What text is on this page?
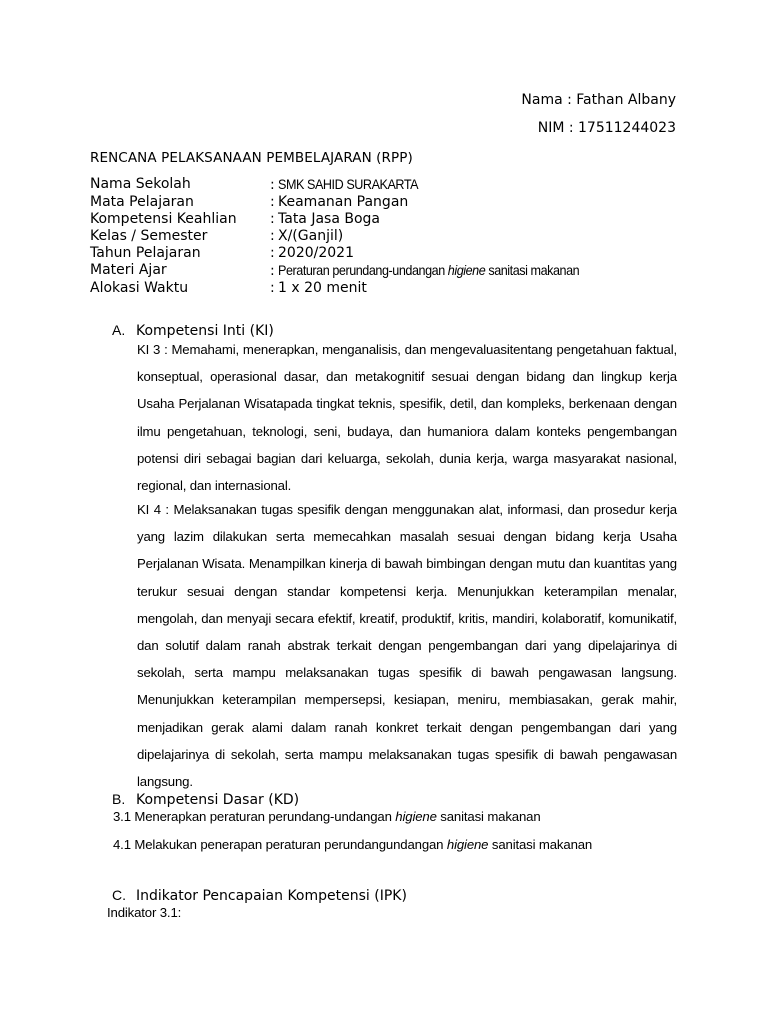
Nama : Fathan Albany
NIM : 17511244023
RENCANA PELAKSANAAN PEMBELAJARAN (RPP)
Nama Sekolah	: SMK SAHID SURAKARTA
Mata Pelajaran	: Keamanan Pangan
Kompetensi Keahlian	: Tata Jasa Boga
Kelas / Semester	: X/(Ganjil)
Tahun Pelajaran	: 2020/2021
Materi Ajar	: Peraturan perundang-undangan higiene sanitasi makanan
Alokasi Waktu	: 1 x 20 menit
A. Kompetensi Inti (KI)
KI 3 : Memahami, menerapkan, menganalisis, dan mengevaluasitentang pengetahuan faktual, konseptual, operasional dasar, dan metakognitif sesuai dengan bidang dan lingkup kerja Usaha Perjalanan Wisatapada tingkat teknis, spesifik, detil, dan kompleks, berkenaan dengan ilmu pengetahuan, teknologi, seni, budaya, dan humaniora dalam konteks pengembangan potensi diri sebagai bagian dari keluarga, sekolah, dunia kerja, warga masyarakat nasional, regional, dan internasional.
KI 4 : Melaksanakan tugas spesifik dengan menggunakan alat, informasi, dan prosedur kerja yang lazim dilakukan serta memecahkan masalah sesuai dengan bidang kerja Usaha Perjalanan Wisata. Menampilkan kinerja di bawah bimbingan dengan mutu dan kuantitas yang terukur sesuai dengan standar kompetensi kerja. Menunjukkan keterampilan menalar, mengolah, dan menyaji secara efektif, kreatif, produktif, kritis, mandiri, kolaboratif, komunikatif, dan solutif dalam ranah abstrak terkait dengan pengembangan dari yang dipelajarinya di sekolah, serta mampu melaksanakan tugas spesifik di bawah pengawasan langsung. Menunjukkan keterampilan mempersepsi, kesiapan, meniru, membiasakan, gerak mahir, menjadikan gerak alami dalam ranah konkret terkait dengan pengembangan dari yang dipelajarinya di sekolah, serta mampu melaksanakan tugas spesifik di bawah pengawasan langsung.
B. Kompetensi Dasar (KD)
3.1 Menerapkan peraturan perundang-undangan higiene sanitasi makanan
4.1 Melakukan penerapan peraturan perundangundangan higiene sanitasi makanan
C. Indikator Pencapaian Kompetensi (IPK)
Indikator 3.1:
